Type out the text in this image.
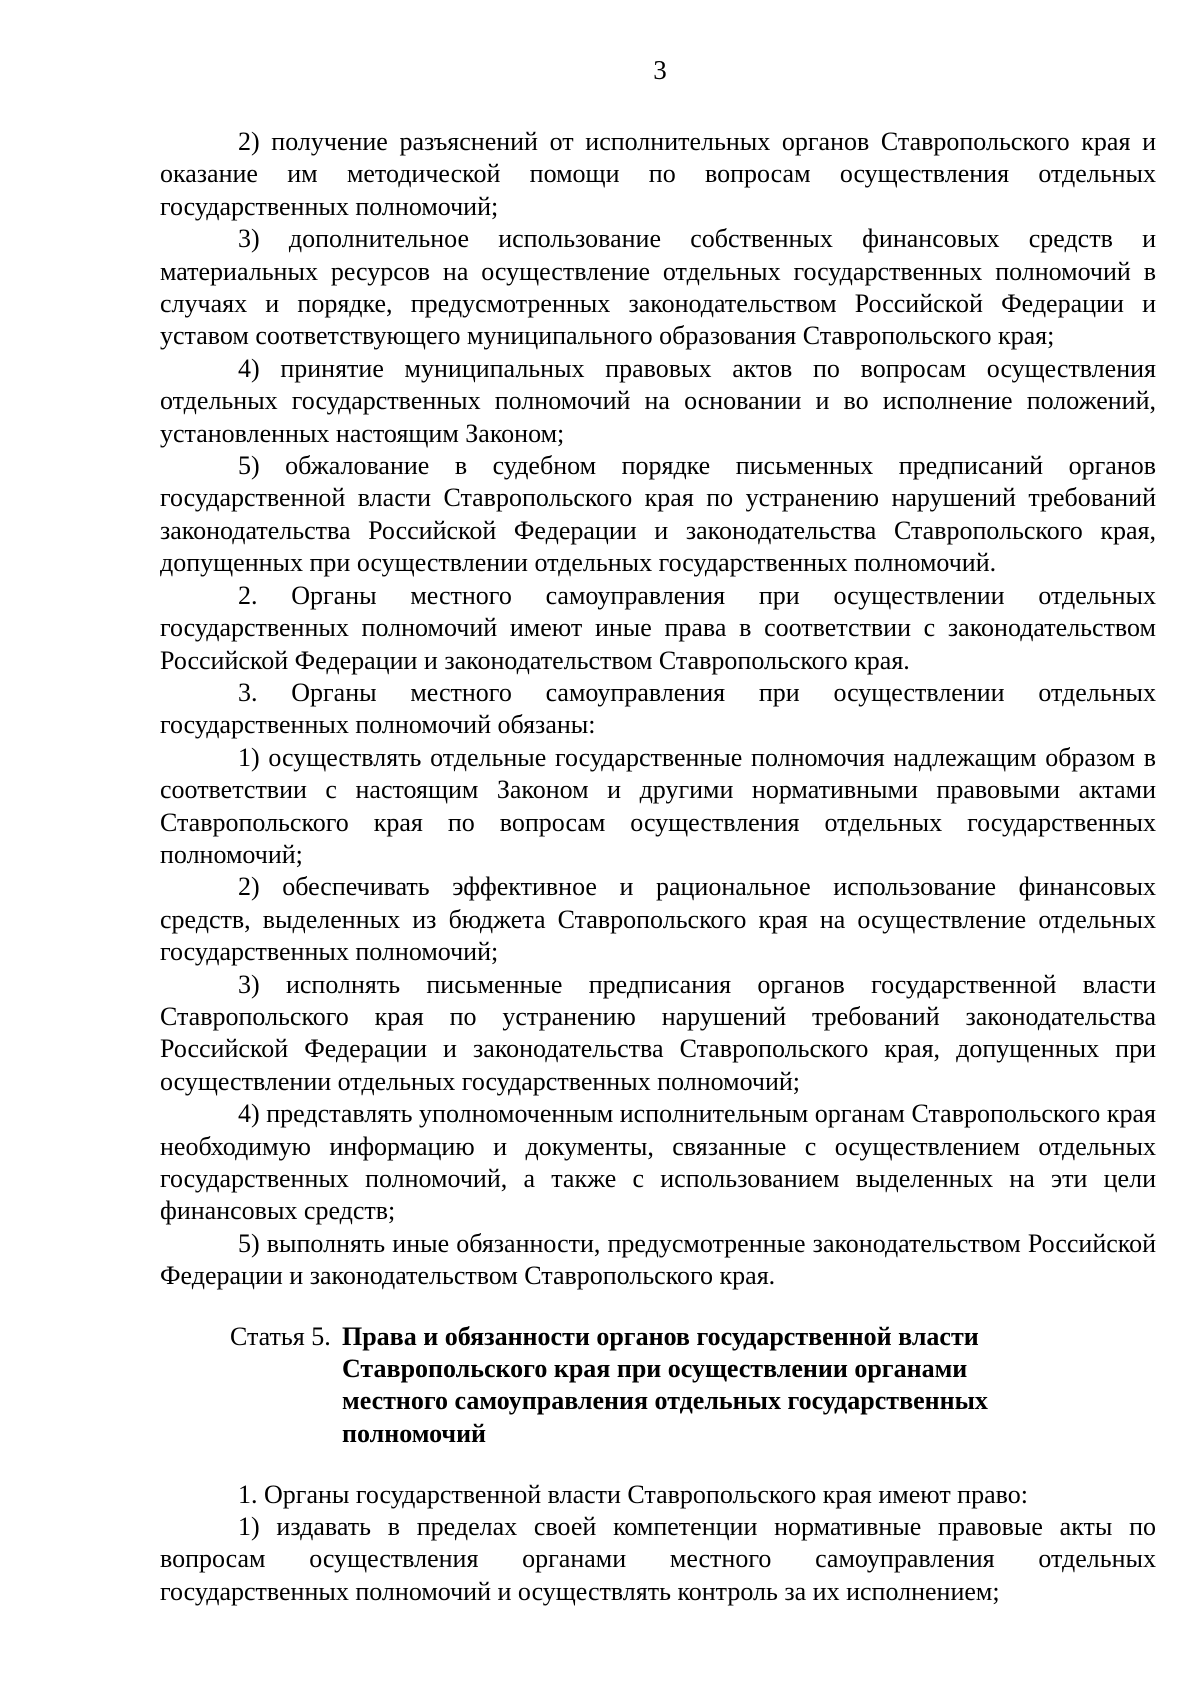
3

2) получение разъяснений от исполнительных органов Ставропольского края и оказание им методической помощи по вопросам осуществления отдельных государственных полномочий;

3) дополнительное использование собственных финансовых средств и материальных ресурсов на осуществление отдельных государственных полномочий в случаях и порядке, предусмотренных законодательством Российской Федерации и уставом соответствующего муниципального образования Ставропольского края;

4) принятие муниципальных правовых актов по вопросам осуществления отдельных государственных полномочий на основании и во исполнение положений, установленных настоящим Законом;

5) обжалование в судебном порядке письменных предписаний органов государственной власти Ставропольского края по устранению нарушений требований законодательства Российской Федерации и законодательства Ставропольского края, допущенных при осуществлении отдельных государственных полномочий.

2. Органы местного самоуправления при осуществлении отдельных государственных полномочий имеют иные права в соответствии с законодательством Российской Федерации и законодательством Ставропольского края.

3. Органы местного самоуправления при осуществлении отдельных государственных полномочий обязаны:

1) осуществлять отдельные государственные полномочия надлежащим образом в соответствии с настоящим Законом и другими нормативными правовыми актами Ставропольского края по вопросам осуществления отдельных государственных полномочий;

2) обеспечивать эффективное и рациональное использование финансовых средств, выделенных из бюджета Ставропольского края на осуществление отдельных государственных полномочий;

3) исполнять письменные предписания органов государственной власти Ставропольского края по устранению нарушений требований законодательства Российской Федерации и законодательства Ставропольского края, допущенных при осуществлении отдельных государственных полномочий;

4) представлять уполномоченным исполнительным органам Ставропольского края необходимую информацию и документы, связанные с осуществлением отдельных государственных полномочий, а также с использованием выделенных на эти цели финансовых средств;

5) выполнять иные обязанности, предусмотренные законодательством Российской Федерации и законодательством Ставропольского края.

Статья 5. Права и обязанности органов государственной власти Ставропольского края при осуществлении органами местного самоуправления отдельных государственных полномочий

1. Органы государственной власти Ставропольского края имеют право:

1) издавать в пределах своей компетенции нормативные правовые акты по вопросам осуществления органами местного самоуправления отдельных государственных полномочий и осуществлять контроль за их исполнением;
